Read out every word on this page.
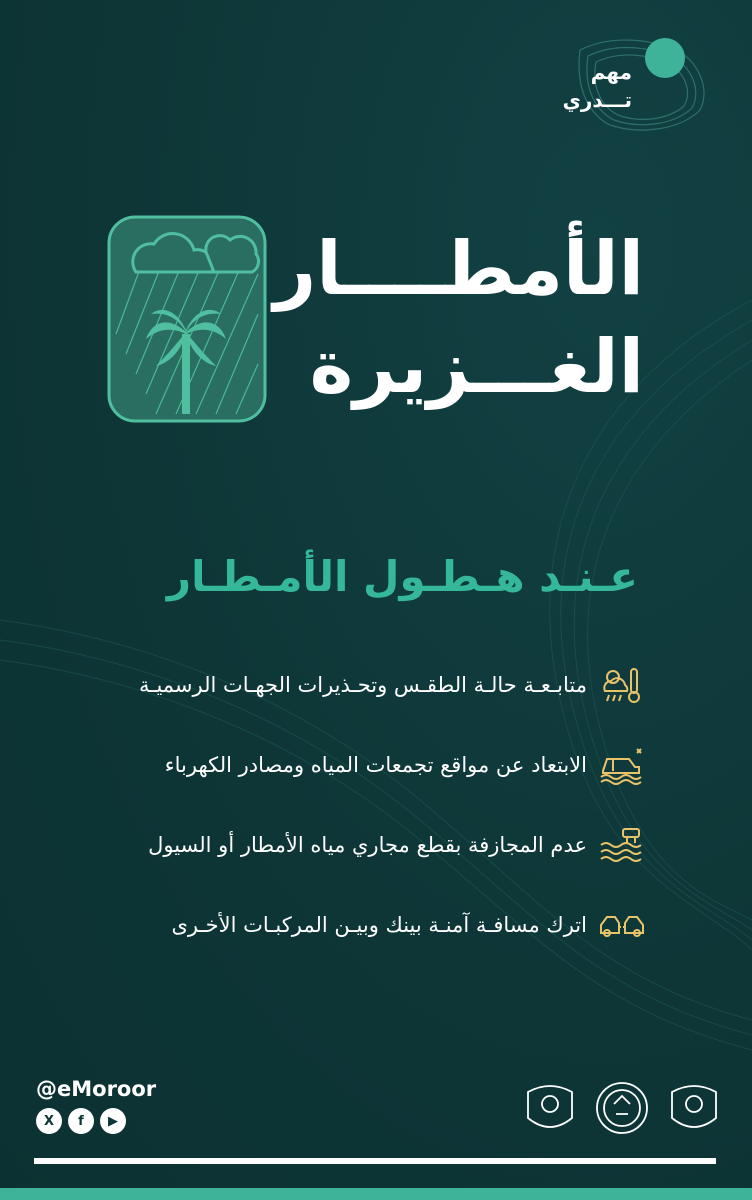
مهم
تـــدري
الأمطــــار
الغـــزيرة
عـنـد هـطـول الأمـطـار
متابـعـة حالـة الطقـس وتحـذيرات الجهـات الرسميـة
الابتعاد عن مواقع تجمعات المياه ومصادر الكهرباء
عدم المجازفة بقطع مجاري مياه الأمطار أو السيول
اترك مسافـة آمنـة بينك وبيـن المركبـات الأخـرى
@eMoroor
X	f	▶
